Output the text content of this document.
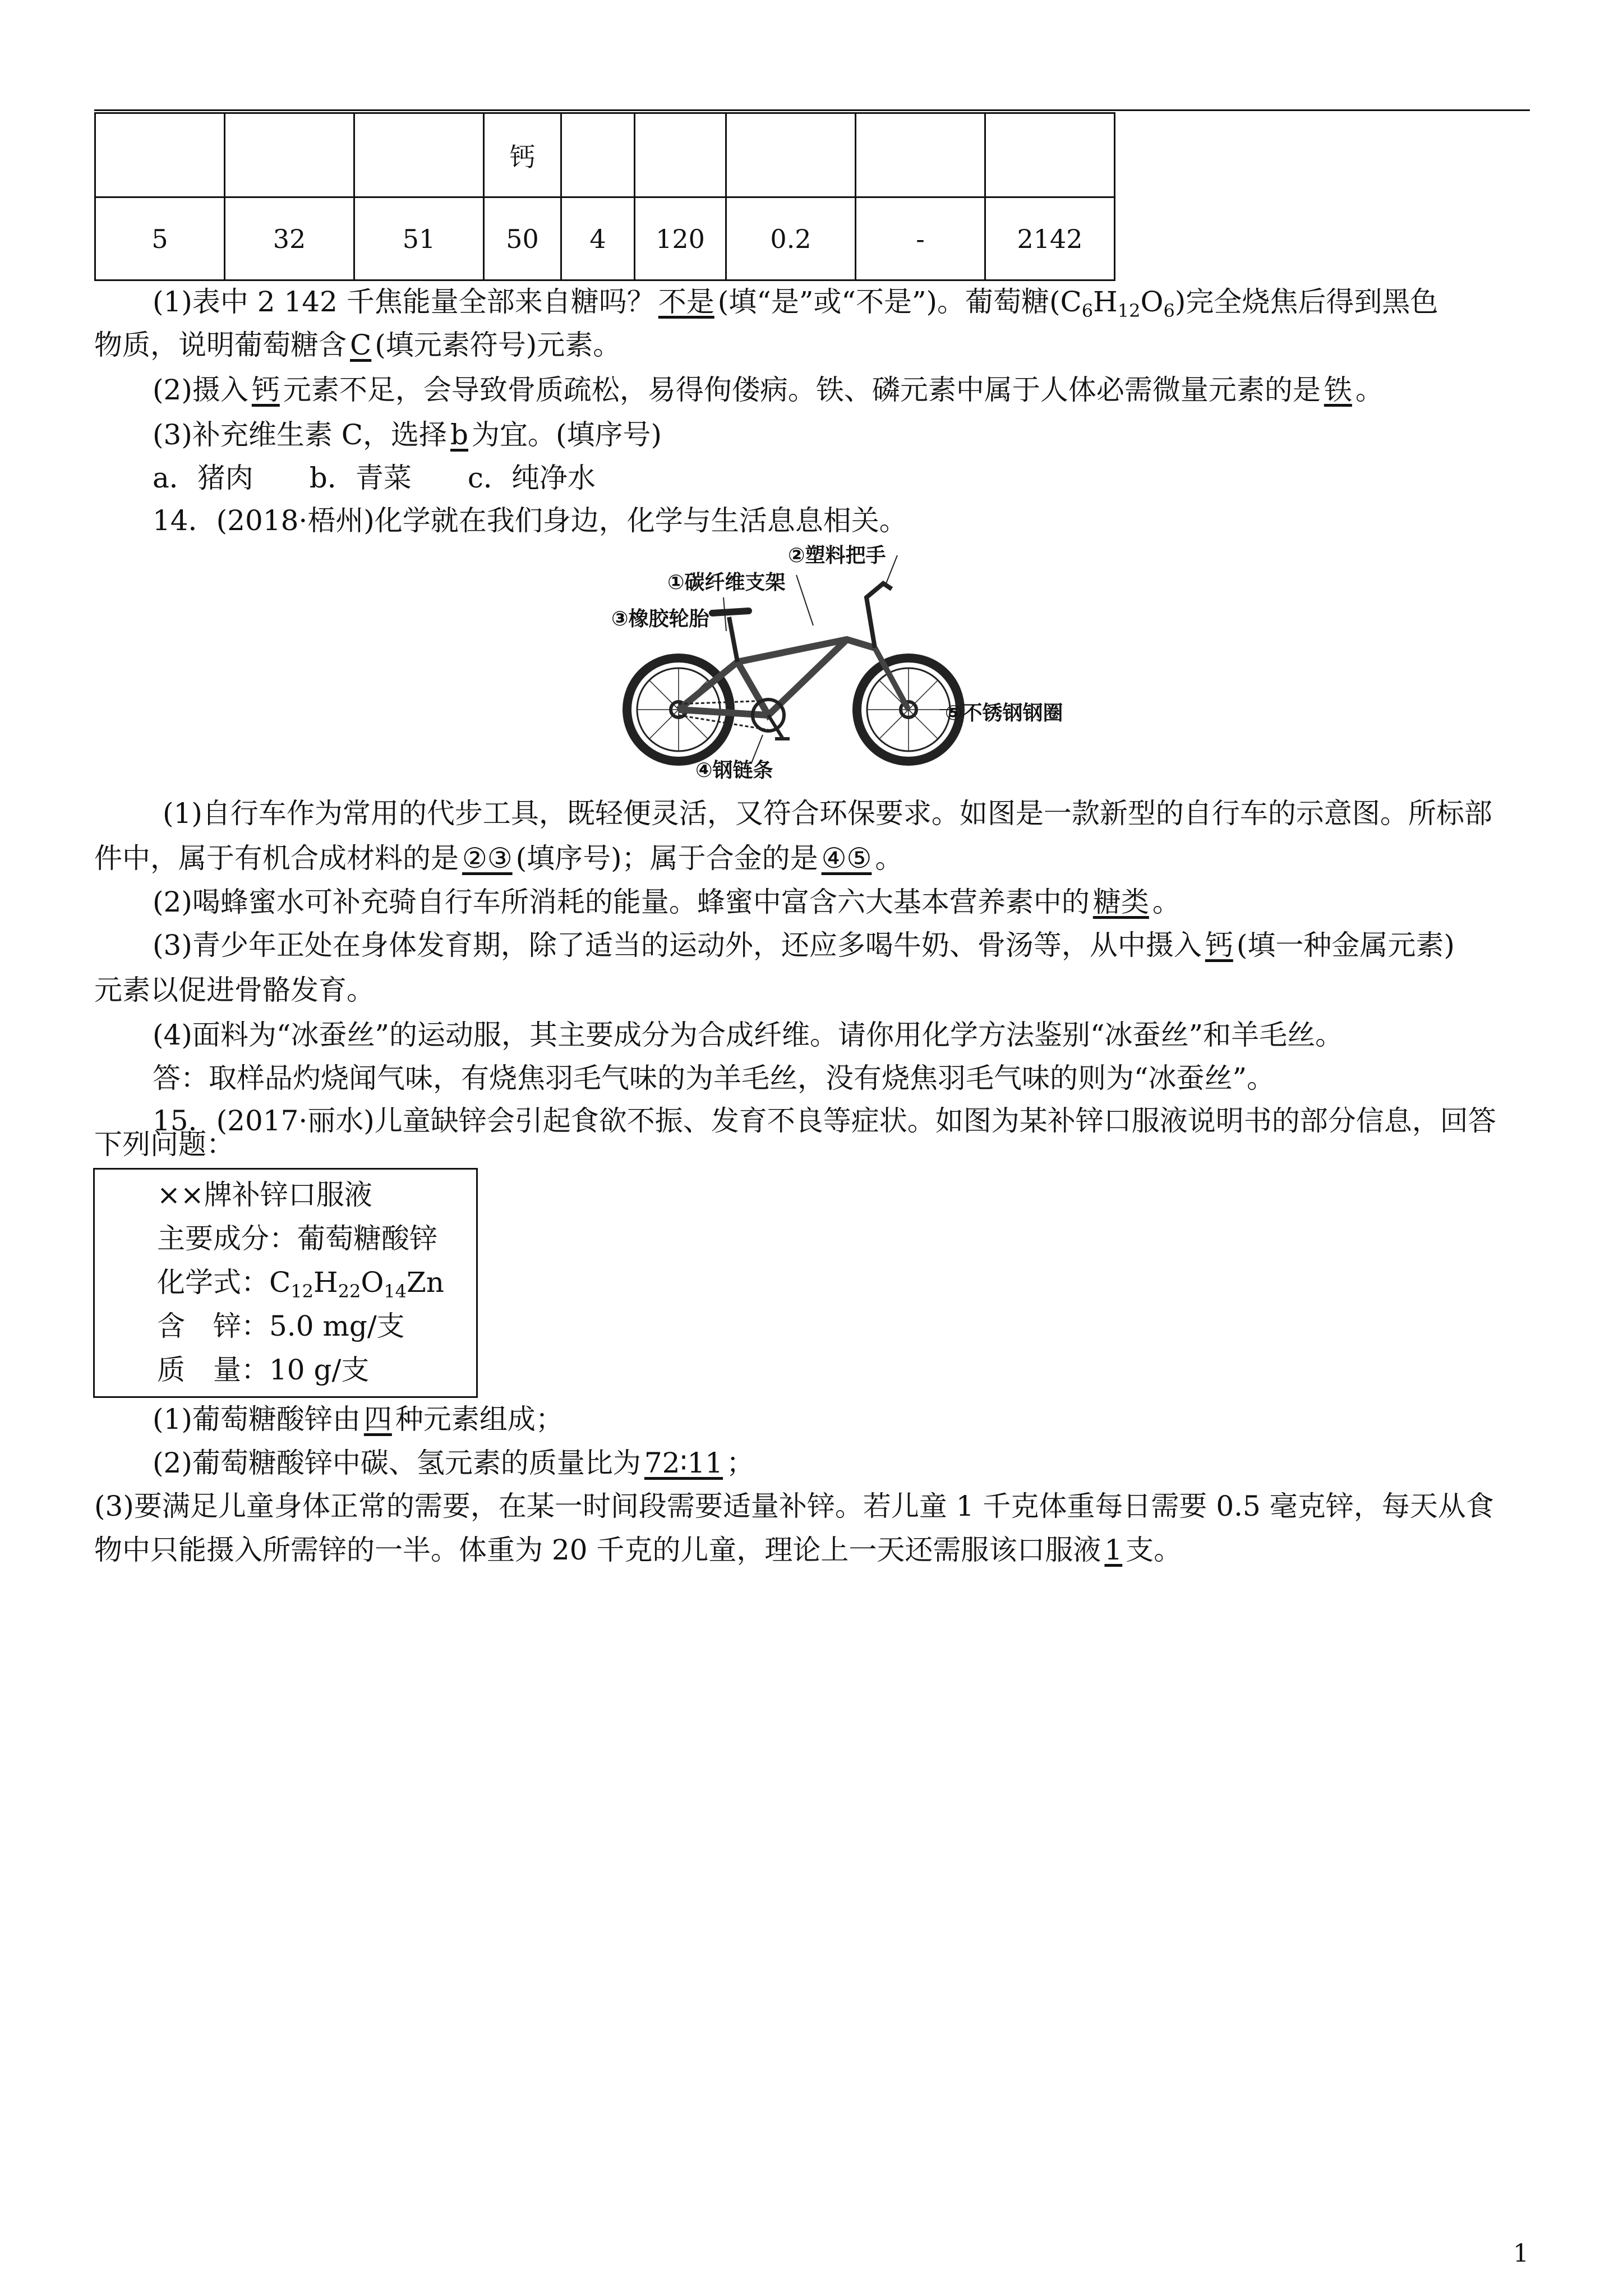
			钙					
5	32	51	50	4	120	0.2	-	2142
(1)表中 2 142 千焦能量全部来自糖吗？ 不是 (填“是”或“不是”)。葡萄糖$(C_6H_{12}O_6)$完全烧焦后得到黑色
物质，说明葡萄糖含 C (填元素符号)元素。
(2)摄入 钙 元素不足，会导致骨质疏松，易得佝偻病。铁、磷元素中属于人体必需微量元素的是 铁 。
(3)补充维生素 C，选择 b 为宜。(填序号)
a．猪肉　　b．青菜　　c．纯净水
14．(2018·梧州)化学就在我们身边，化学与生活息息相关。
①碳纤维支架
②塑料把手
③橡胶轮胎
④钢链条
⑤不锈钢钢圈
(1)自行车作为常用的代步工具，既轻便灵活，又符合环保要求。如图是一款新型的自行车的示意图。所标部
件中，属于有机合成材料的是 ②③ (填序号)；属于合金的是 ④⑤ 。
(2)喝蜂蜜水可补充骑自行车所消耗的能量。蜂蜜中富含六大基本营养素中的 糖类 。
(3)青少年正处在身体发育期，除了适当的运动外，还应多喝牛奶、骨汤等，从中摄入 钙 (填一种金属元素)
元素以促进骨骼发育。
(4)面料为“冰蚕丝”的运动服，其主要成分为合成纤维。请你用化学方法鉴别“冰蚕丝”和羊毛丝。
答：取样品灼烧闻气味，有烧焦羽毛气味的为羊毛丝，没有烧焦羽毛气味的则为“冰蚕丝”。
15．(2017·丽水)儿童缺锌会引起食欲不振、发育不良等症状。如图为某补锌口服液说明书的部分信息，回答
下列问题：
××牌补锌口服液
主要成分：葡萄糖酸锌
化学式：$C_{12}H_{22}O_{14}Zn$
含　锌：5.0 mg/支
质　量：10 g/支
(1)葡萄糖酸锌由 四 种元素组成；
(2)葡萄糖酸锌中碳、氢元素的质量比为 72∶11 ；
(3)要满足儿童身体正常的需要，在某一时间段需要适量补锌。若儿童 1 千克体重每日需要 0.5 毫克锌，每天从食
物中只能摄入所需锌的一半。体重为 20 千克的儿童，理论上一天还需服该口服液 1 支。
1
